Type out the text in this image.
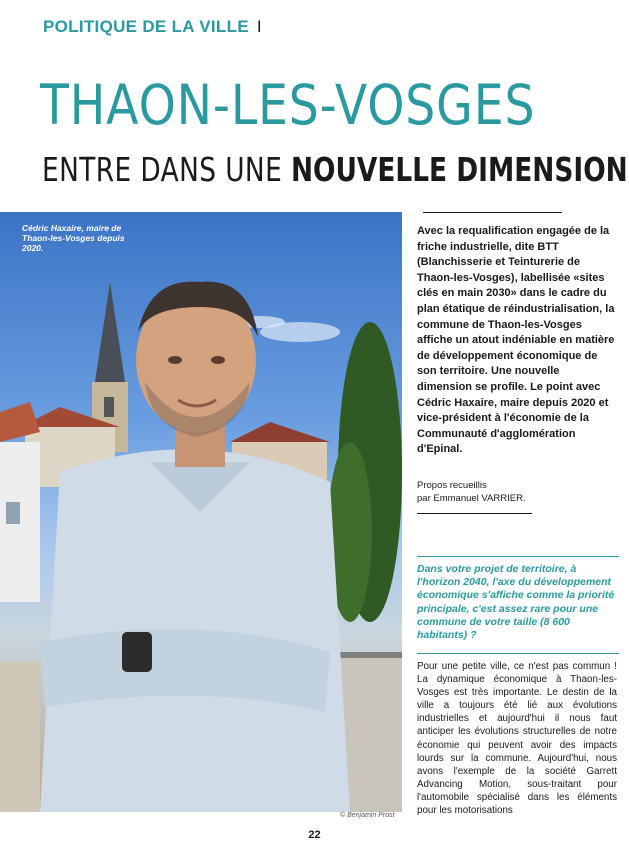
POLITIQUE DE LA VILLE I
THAON-LES-VOSGES
ENTRE DANS UNE NOUVELLE DIMENSION
Cédric Haxaire, maire de Thaon-les-Vosges depuis 2020.
© Benjamin Prost

Avec la requalification engagée de la friche industrielle, dite BTT (Blanchisserie et Teinturerie de Thaon-les-Vosges), labellisée «sites clés en main 2030» dans le cadre du plan étatique de réindustrialisation, la commune de Thaon-les-Vosges affiche un atout indéniable en matière de développement économique de son territoire. Une nouvelle dimension se profile. Le point avec Cédric Haxaire, maire depuis 2020 et vice-président à l'économie de la Communauté d'agglomération d'Epinal.

Propos recueillis
par Emmanuel VARRIER.

Dans votre projet de territoire, à l'horizon 2040, l'axe du développement économique s'affiche comme la priorité principale, c'est assez rare pour une commune de votre taille (8 600 habitants) ?

Pour une petite ville, ce n'est pas commun ! La dynamique économique à Thaon-les-Vosges est très importante. Le destin de la ville a toujours été lié aux évolutions industrielles et aujourd'hui il nous faut anticiper les évolutions structurelles de notre économie qui peuvent avoir des impacts lourds sur la commune. Aujourd'hui, nous avons l'exemple de la société Garrett Advancing Motion, sous-traitant pour l'automobile spécialisé dans les éléments pour les motorisations

22
